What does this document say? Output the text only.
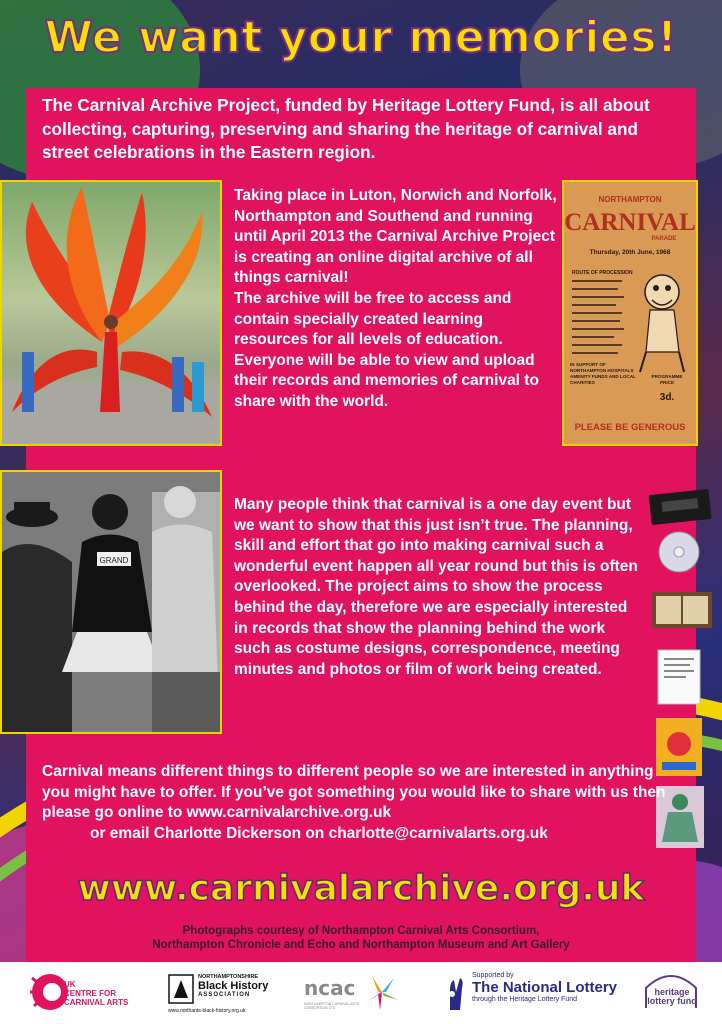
We want your memories!

The Carnival Archive Project, funded by Heritage Lottery Fund, is all about collecting, capturing, preserving and sharing the heritage of carnival and street celebrations in the Eastern region.

GRAND
NORTHAMPTON
CARNIVAL
PARADE
Thursday, 20th June, 1968
ROUTE OF PROCESSION
IN SUPPORT OF NORTHAMPTON HOSPITALS AMENITY FUNDS AND LOCAL CHARITIES
PROGRAMME PRICE
3d.
PLEASE BE GENEROUS

Taking place in Luton, Norwich and Norfolk, Northampton and Southend and running until April 2013 the Carnival Archive Project is creating an online digital archive of all things carnival!
The archive will be free to access and contain specially created learning resources for all levels of education. Everyone will be able to view and upload their records and memories of carnival to share with the world.

Many people think that carnival is a one day event but we want to show that this just isn’t true. The planning, skill and effort that go into making carnival such a wonderful event happen all year round but this is often overlooked. The project aims to show the process behind the day, therefore we are especially interested in records that show the planning behind the work such as costume designs, correspondence, meeting minutes and photos or film of work being created.

Carnival means different things to different people so we are interested in anything you might have to offer. If you’ve got something you would like to share with us then please go online to www.carnivalarchive.org.uk
or email Charlotte Dickerson on charlotte@carnivalarts.org.uk

www.carnivalarchive.org.uk

Photographs courtesy of Northampton Carnival Arts Consortium,
Northampton Chronicle and Echo and Northampton Museum and Art Gallery

UK
CENTRE FOR
CARNIVAL ARTS
NORTHAMPTONSHIRE
Black History
ASSOCIATION
www.northants-black-history.org.uk
ncac
NORTHAMPTON CARNIVAL ARTS CONSORTIUM LTD
Supported by
The National Lottery
through the Heritage Lottery Fund
heritage lottery fund
